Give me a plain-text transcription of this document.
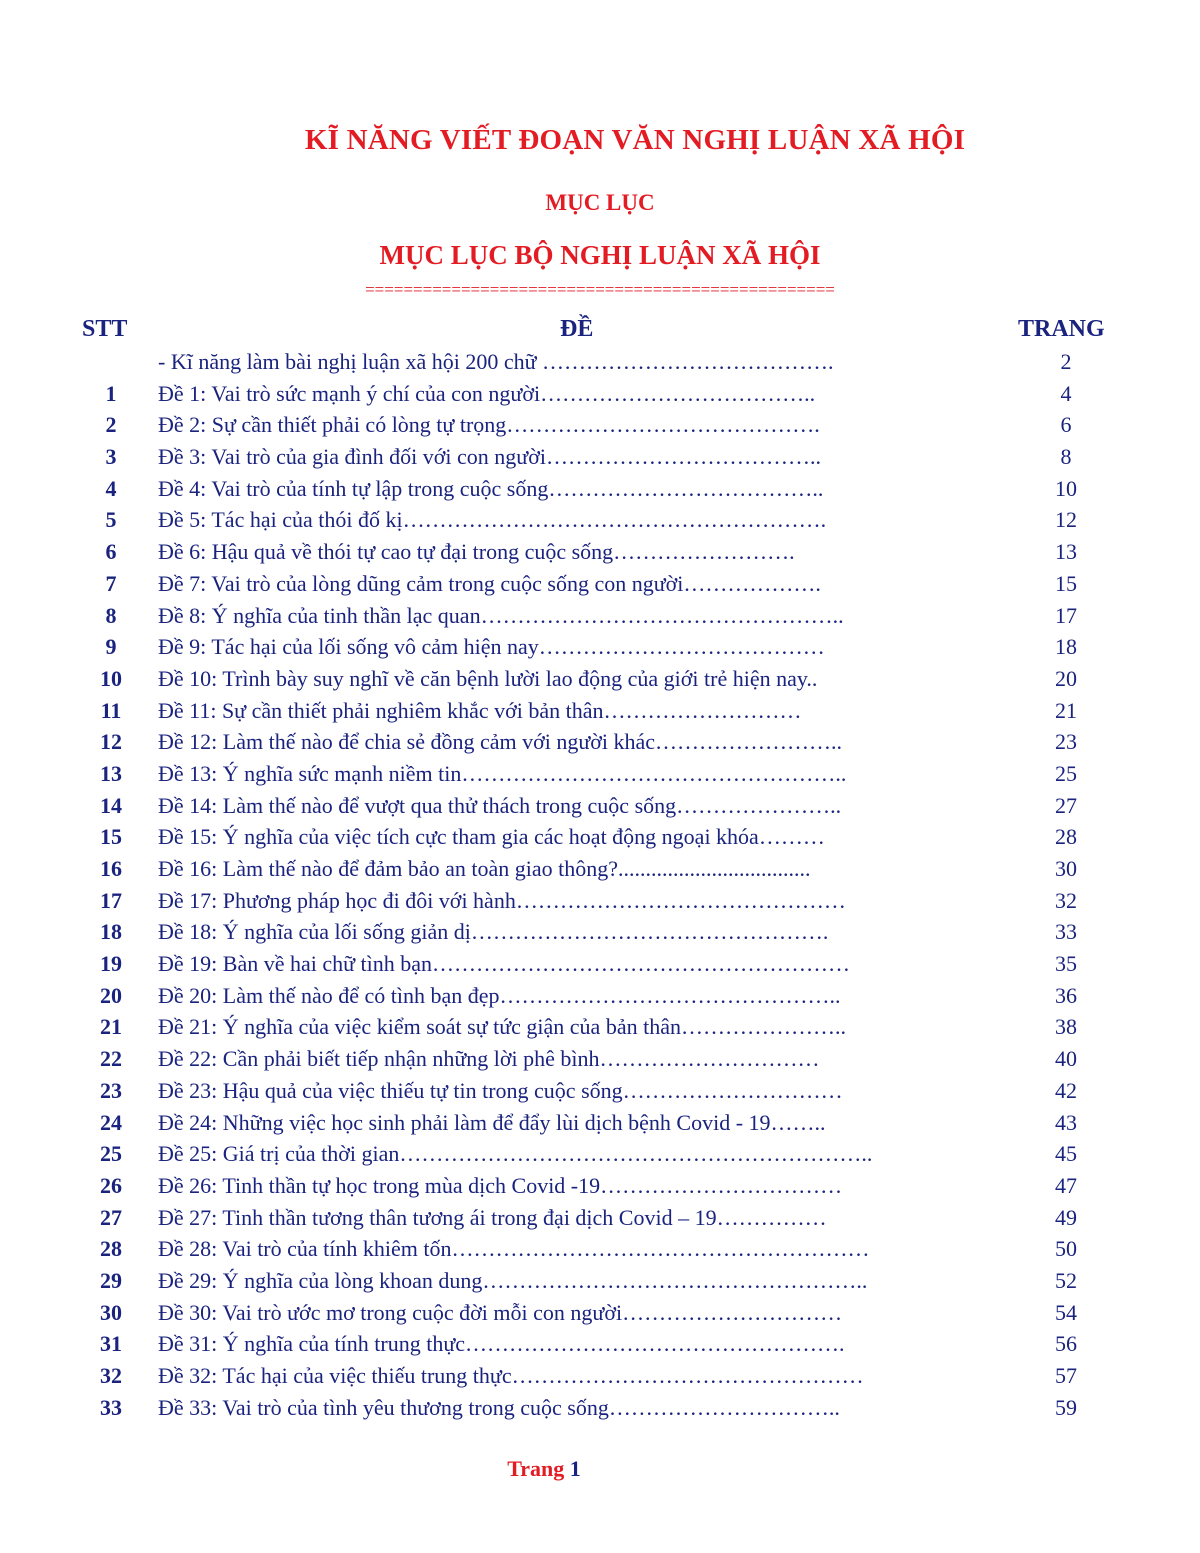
KĨ NĂNG VIẾT ĐOẠN VĂN NGHỊ LUẬN XÃ HỘI
MỤC LỤC
MỤC LỤC BỘ NGHỊ LUẬN XÃ HỘI
=================================================
STT	ĐỀ	TRANG
- Kĩ năng làm bài nghị luận xã hội 200 chữ ………………………………….	2
1	Đề 1: Vai trò sức mạnh ý chí của con người………………………………..	4
2	Đề 2: Sự cần thiết phải có lòng tự trọng…………………………………….	6
3	Đề 3: Vai trò của gia đình đối với con người………………………………..	8
4	Đề 4: Vai trò của tính tự lập trong cuộc sống………………………………..	10
5	Đề 5: Tác hại của thói đố kị………………………………………………….	12
6	Đề 6: Hậu quả về thói tự cao tự đại trong cuộc sống…………………….	13
7	Đề 7: Vai trò của lòng dũng cảm trong cuộc sống con người……………….	15
8	Đề 8: Ý nghĩa của tinh thần lạc quan…………………………………………..	17
9	Đề 9: Tác hại của lối sống vô cảm hiện nay…………………………………	18
10	Đề 10: Trình bày suy nghĩ về căn bệnh lười lao động của giới trẻ hiện nay..	20
11	Đề 11: Sự cần thiết phải nghiêm khắc với bản thân………………………	21
12	Đề 12: Làm thế nào để chia sẻ đồng cảm với người khác……………………..	23
13	Đề 13: Ý nghĩa sức mạnh niềm tin……………………………………………..	25
14	Đề 14: Làm thế nào để vượt qua thử thách trong cuộc sống…………………..	27
15	Đề 15: Ý nghĩa của việc tích cực tham gia các hoạt động ngoại khóa………	28
16	Đề 16: Làm thế nào để đảm bảo an toàn giao thông?...................................	30
17	Đề 17: Phương pháp học đi đôi với hành………………………………………	32
18	Đề 18: Ý nghĩa của lối sống giản dị………………………………………….	33
19	Đề 19: Bàn về hai chữ tình bạn…………………………………………………	35
20	Đề 20: Làm thế nào để có tình bạn đẹp………………………………………..	36
21	Đề 21: Ý nghĩa của việc kiểm soát sự tức giận của bản thân…………………..	38
22	Đề 22: Cần phải biết tiếp nhận những lời phê bình…………………………	40
23	Đề 23: Hậu quả của việc thiếu tự tin trong cuộc sống…………………………	42
24	Đề 24: Những việc học sinh phải làm để đẩy lùi dịch bệnh Covid - 19……..	43
25	Đề 25: Giá trị của thời gian………………………………………………………..	45
26	Đề 26: Tinh thần tự học trong mùa dịch Covid -19……………………………	47
27	Đề 27: Tinh thần tương thân tương ái trong đại dịch Covid – 19……………	49
28	Đề 28: Vai trò của tính khiêm tốn…………………………………………………	50
29	Đề 29: Ý nghĩa của lòng khoan dung……………………………………………..	52
30	Đề 30: Vai trò ước mơ trong cuộc đời mỗi con người…………………………	54
31	Đề 31: Ý nghĩa của tính trung thực…………………………………………….	56
32	Đề 32: Tác hại của việc thiếu trung thực…………………………………………	57
33	Đề 33: Vai trò của tình yêu thương trong cuộc sống…………………………..	59
Trang 1
